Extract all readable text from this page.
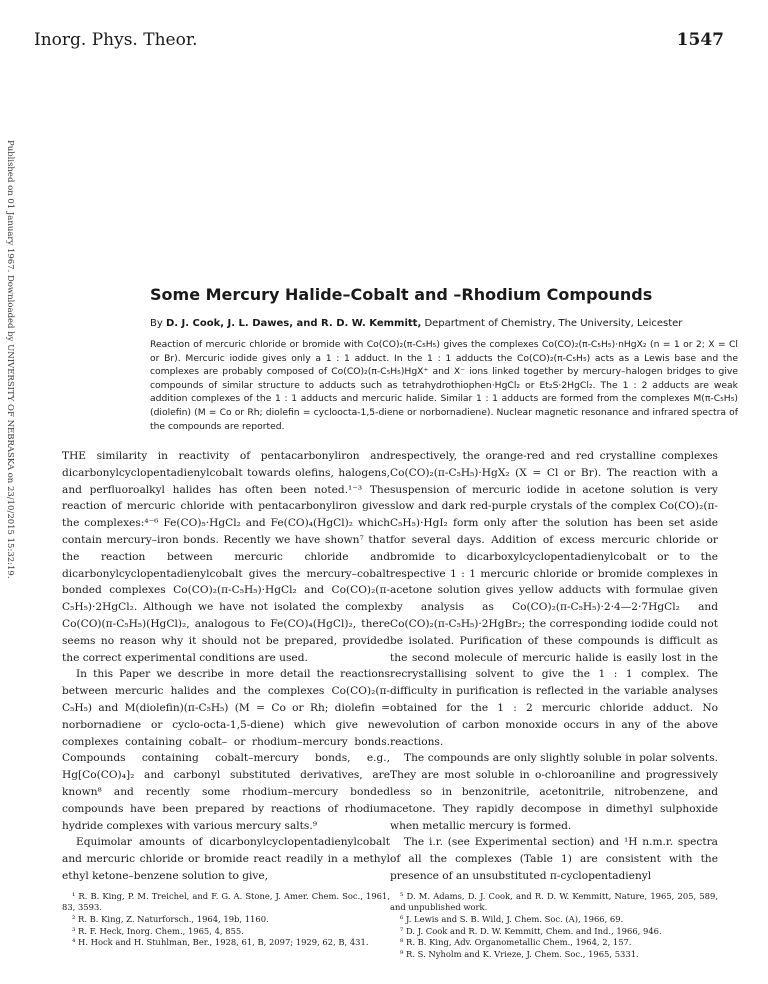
Inorg. Phys. Theor.	1547
Published on 01 January 1967. Downloaded by UNIVERSITY OF NEBRASKA on 23/10/2015 15:32:19.	Some Mercury Halide–Cobalt and –Rhodium Compounds
By D. J. Cook, J. L. Dawes, and R. D. W. Kemmitt, Department of Chemistry, The University, Leicester
Reaction of mercuric chloride or bromide with Co(CO)₂(π-C₅H₅) gives the complexes Co(CO)₂(π-C₅H₅)·nHgX₂ (n = 1 or 2; X = Cl or Br). Mercuric iodide gives only a 1 : 1 adduct. In the 1 : 1 adducts the Co(CO)₂(π-C₅H₅) acts as a Lewis base and the complexes are probably composed of Co(CO)₂(π-C₅H₅)HgX⁺ and X⁻ ions linked together by mercury–halogen bridges to give compounds of similar structure to adducts such as tetrahydrothiophen·HgCl₂ or Et₂S·2HgCl₂. The 1 : 2 adducts are weak addition complexes of the 1 : 1 adducts and mercuric halide. Similar 1 : 1 adducts are formed from the complexes M(π-C₅H₅)(diolefin) (M = Co or Rh; diolefin = cycloocta-1,5-diene or norbornadiene). Nuclear magnetic resonance and infrared spectra of the compounds are reported.

THE similarity in reactivity of pentacarbonyliron and dicarbonylcyclopentadienylcobalt towards olefins, halogens, and perfluoroalkyl halides has often been noted.¹⁻³ The reaction of mercuric chloride with pentacarbonyliron gives the complexes:⁴⁻⁶ Fe(CO)₅·HgCl₂ and Fe(CO)₄(HgCl)₂ which contain mercury–iron bonds. Recently we have shown⁷ that the reaction between mercuric chloride and dicarbonylcyclopentadienylcobalt gives the mercury–cobalt bonded complexes Co(CO)₂(π-C₅H₅)·HgCl₂ and Co(CO)₂(π-C₅H₅)·2HgCl₂. Although we have not isolated the complex Co(CO)(π-C₅H₅)(HgCl)₂, analogous to Fe(CO)₄(HgCl)₂, there seems no reason why it should not be prepared, provided the correct experimental conditions are used.

In this Paper we describe in more detail the reactions between mercuric halides and the complexes Co(CO)₂(π-C₅H₅) and M(diolefin)(π-C₅H₅) (M = Co or Rh; diolefin = norbornadiene or cyclo-octa-1,5-diene) which give new complexes containing cobalt– or rhodium–mercury bonds. Compounds containing cobalt–mercury bonds, e.g., Hg[Co(CO)₄]₂ and carbonyl substituted derivatives, are known⁸ and recently some rhodium–mercury bonded compounds have been prepared by reactions of rhodium hydride complexes with various mercury salts.⁹

Equimolar amounts of dicarbonylcyclopentadienylcobalt and mercuric chloride or bromide react readily in a methyl ethyl ketone–benzene solution to give,

¹ R. B. King, P. M. Treichel, and F. G. A. Stone, J. Amer. Chem. Soc., 1961, 83, 3593.

² R. B. King, Z. Naturforsch., 1964, 19b, 1160.

³ R. F. Heck, Inorg. Chem., 1965, 4, 855.

⁴ H. Hock and H. Stuhlman, Ber., 1928, 61, B, 2097; 1929, 62, B, 431.

respectively, the orange-red and red crystalline complexes Co(CO)₂(π-C₅H₅)·HgX₂ (X = Cl or Br). The reaction with a suspension of mercuric iodide in acetone solution is very slow and dark red-purple crystals of the complex Co(CO)₂(π-C₅H₅)·HgI₂ form only after the solution has been set aside for several days. Addition of excess mercuric chloride or bromide to dicarboxylcyclopentadienylcobalt or to the respective 1 : 1 mercuric chloride or bromide complexes in acetone solution gives yellow adducts with formulae given by analysis as Co(CO)₂(π-C₅H₅)·2·4—2·7HgCl₂ and Co(CO)₂(π-C₅H₅)·2HgBr₂; the corresponding iodide could not be isolated. Purification of these compounds is difficult as the second molecule of mercuric halide is easily lost in the recrystallising solvent to give the 1 : 1 complex. The difficulty in purification is reflected in the variable analyses obtained for the 1 : 2 mercuric chloride adduct. No evolution of carbon monoxide occurs in any of the above reactions.

The compounds are only slightly soluble in polar solvents. They are most soluble in o-chloroaniline and progressively less so in benzonitrile, acetonitrile, nitrobenzene, and acetone. They rapidly decompose in dimethyl sulphoxide when metallic mercury is formed.

The i.r. (see Experimental section) and ¹H n.m.r. spectra of all the complexes (Table 1) are consistent with the presence of an unsubstituted π-cyclopentadienyl

⁵ D. M. Adams, D. J. Cook, and R. D. W. Kemmitt, Nature, 1965, 205, 589, and unpublished work.

⁶ J. Lewis and S. B. Wild, J. Chem. Soc. (A), 1966, 69.

⁷ D. J. Cook and R. D. W. Kemmitt, Chem. and Ind., 1966, 946.

⁸ R. B. King, Adv. Organometallic Chem., 1964, 2, 157.

⁹ R. S. Nyholm and K. Vrieze, J. Chem. Soc., 1965, 5331.
